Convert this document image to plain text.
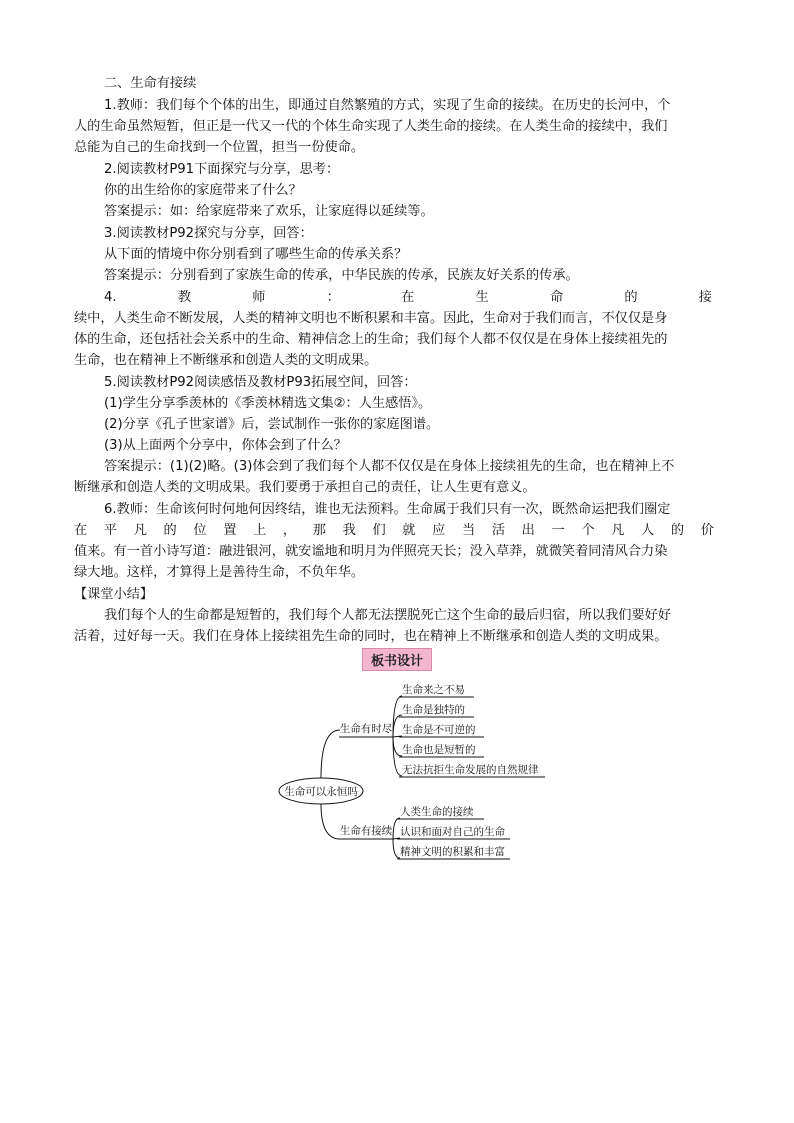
二、生命有接续
1.教师：我们每个个体的出生，即通过自然繁殖的方式，实现了生命的接续。在历史的长河中，个
人的生命虽然短暂，但正是一代又一代的个体生命实现了人类生命的接续。在人类生命的接续中，我们
总能为自己的生命找到一个位置，担当一份使命。
2.阅读教材P91下面探究与分享，思考：
你的出生给你的家庭带来了什么？
答案提示：如：给家庭带来了欢乐，让家庭得以延续等。
3.阅读教材P92探究与分享，回答：
从下面的情境中你分别看到了哪些生命的传承关系？
答案提示：分别看到了家族生命的传承，中华民族的传承，民族友好关系的传承。
4.	教	师	：	在	生	命	的	接
续中，人类生命不断发展，人类的精神文明也不断积累和丰富。因此，生命对于我们而言，不仅仅是身
体的生命，还包括社会关系中的生命、精神信念上的生命；我们每个人都不仅仅是在身体上接续祖先的
生命，也在精神上不断继承和创造人类的文明成果。
5.阅读教材P92阅读感悟及教材P93拓展空间，回答：
(1)学生分享季羡林的《季羡林精选文集②：人生感悟》。
(2)分享《孔子世家谱》后，尝试制作一张你的家庭图谱。
(3)从上面两个分享中，你体会到了什么？
答案提示：(1)(2)略。(3)体会到了我们每个人都不仅仅是在身体上接续祖先的生命，也在精神上不
断继承和创造人类的文明成果。我们要勇于承担自己的责任，让人生更有意义。
6.教师：生命该何时何地何因终结，谁也无法预料。生命属于我们只有一次，既然命运把我们圈定
在 平 凡 的 位 置 上 ， 那 我 们 就 应 当 活 出 一 个 凡 人 的 价
值来。有一首小诗写道：融进银河，就安谧地和明月为伴照亮天长；没入草莽，就微笑着同清风合力染
绿大地。这样，才算得上是善待生命，不负年华。
【课堂小结】
我们每个人的生命都是短暂的，我们每个人都无法摆脱死亡这个生命的最后归宿，所以我们要好好
活着，过好每一天。我们在身体上接续祖先生命的同时，也在精神上不断继承和创造人类的文明成果。
板书设计
生命可以永恒吗
生命有时尽
生命来之不易
生命是独特的
生命是不可逆的
生命也是短暂的
无法抗拒生命发展的自然规律
生命有接续
人类生命的接续
认识和面对自己的生命
精神文明的积累和丰富
